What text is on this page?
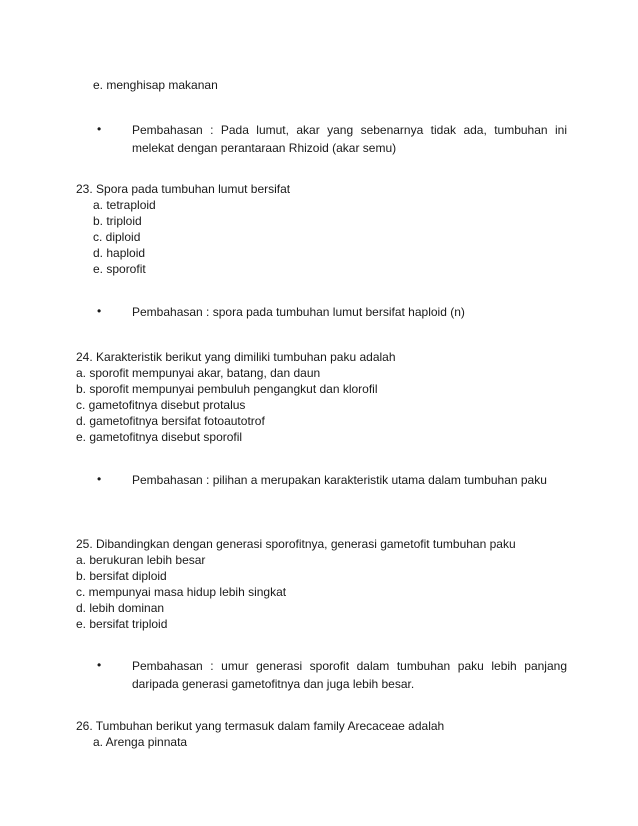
e. menghisap makanan
•	Pembahasan : Pada lumut, akar yang sebenarnya tidak ada, tumbuhan ini melekat dengan perantaraan Rhizoid (akar semu)
23. Spora pada tumbuhan lumut bersifat
a. tetraploid
b. triploid
c. diploid
d. haploid
e. sporofit
•	Pembahasan : spora pada tumbuhan lumut bersifat haploid (n)
24. Karakteristik berikut yang dimiliki tumbuhan paku adalah
a. sporofit mempunyai akar, batang, dan daun
b. sporofit mempunyai pembuluh pengangkut dan klorofil
c. gametofitnya disebut protalus
d. gametofitnya bersifat fotoautotrof
e. gametofitnya disebut sporofil
•	Pembahasan : pilihan a merupakan karakteristik utama dalam tumbuhan paku
25. Dibandingkan dengan generasi sporofitnya, generasi gametofit tumbuhan paku
a. berukuran lebih besar
b. bersifat diploid
c. mempunyai masa hidup lebih singkat
d. lebih dominan
e. bersifat triploid
•	Pembahasan : umur generasi sporofit dalam tumbuhan paku lebih panjang daripada generasi gametofitnya dan juga lebih besar.
26. Tumbuhan berikut yang termasuk dalam family Arecaceae adalah
a. Arenga pinnata
